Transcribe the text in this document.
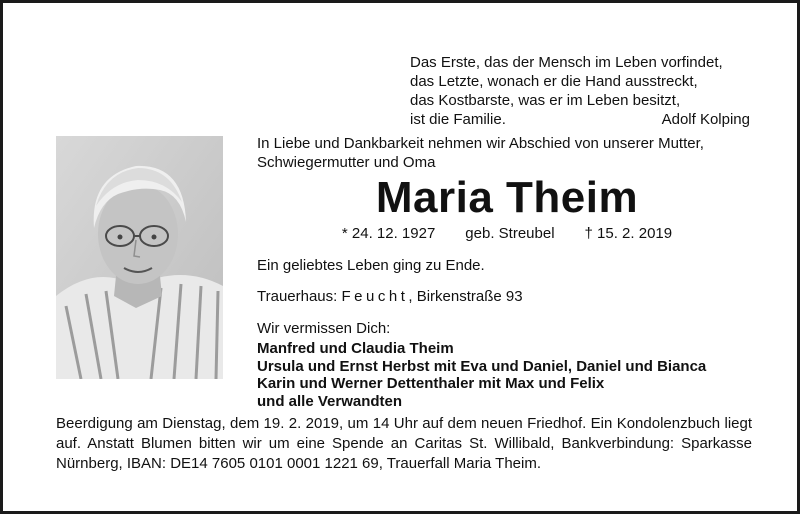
Das Erste, das der Mensch im Leben vorfindet,
das Letzte, wonach er die Hand ausstreckt,
das Kostbarste, was er im Leben besitzt,
ist die Familie.	Adolf Kolping
In Liebe und Dankbarkeit nehmen wir Abschied von unserer Mutter, Schwiegermutter und Oma
Maria Theim
* 24. 12. 1927 geb. Streubel † 15. 2. 2019
Ein geliebtes Leben ging zu Ende.
Trauerhaus: Feucht, Birkenstraße 93
Wir vermissen Dich:
Manfred und Claudia Theim
Ursula und Ernst Herbst mit Eva und Daniel, Daniel und Bianca
Karin und Werner Dettenthaler mit Max und Felix
und alle Verwandten
Beerdigung am Dienstag, dem 19. 2. 2019, um 14 Uhr auf dem neuen Friedhof. Ein Kondolenzbuch liegt auf. Anstatt Blumen bitten wir um eine Spende an Caritas St. Willibald, Bankverbindung: Sparkasse Nürnberg, IBAN: DE14 7605 0101 0001 1221 69, Trauerfall Maria Theim.
